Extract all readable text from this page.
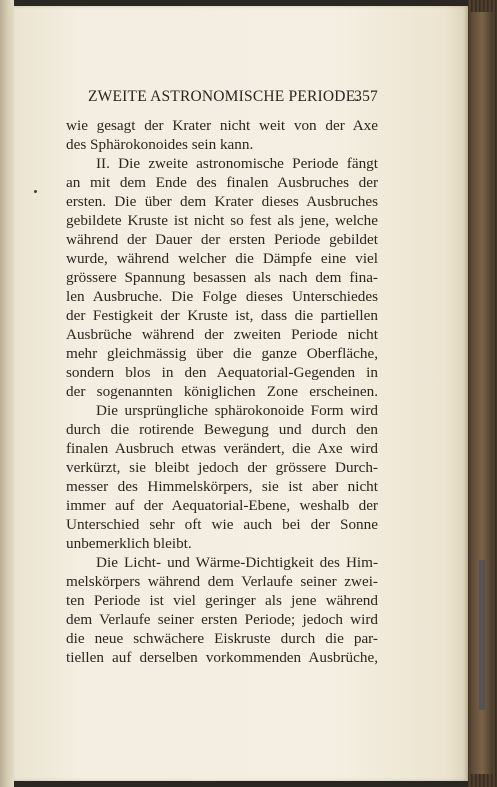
ZWEITE ASTRONOMISCHE PERIODE.
357
wie gesagt der Krater nicht weit von der Axe
des Sphärokonoides sein kann.
II. Die zweite astronomische Periode fängt
an mit dem Ende des finalen Ausbruches der
ersten. Die über dem Krater dieses Ausbruches
gebildete Kruste ist nicht so fest als jene, welche
während der Dauer der ersten Periode gebildet
wurde, während welcher die Dämpfe eine viel
grössere Spannung besassen als nach dem fina-
len Ausbruche. Die Folge dieses Unterschiedes
der Festigkeit der Kruste ist, dass die partiellen
Ausbrüche während der zweiten Periode nicht
mehr gleichmässig über die ganze Oberfläche,
sondern blos in den Aequatorial-Gegenden in
der sogenannten königlichen Zone erscheinen.
Die ursprüngliche sphärokonoide Form wird
durch die rotirende Bewegung und durch den
finalen Ausbruch etwas verändert, die Axe wird
verkürzt, sie bleibt jedoch der grössere Durch-
messer des Himmelskörpers, sie ist aber nicht
immer auf der Aequatorial-Ebene, weshalb der
Unterschied sehr oft wie auch bei der Sonne
unbemerklich bleibt.
Die Licht- und Wärme-Dichtigkeit des Him-
melskörpers während dem Verlaufe seiner zwei-
ten Periode ist viel geringer als jene während
dem Verlaufe seiner ersten Periode; jedoch wird
die neue schwächere Eiskruste durch die par-
tiellen auf derselben vorkommenden Ausbrüche,
